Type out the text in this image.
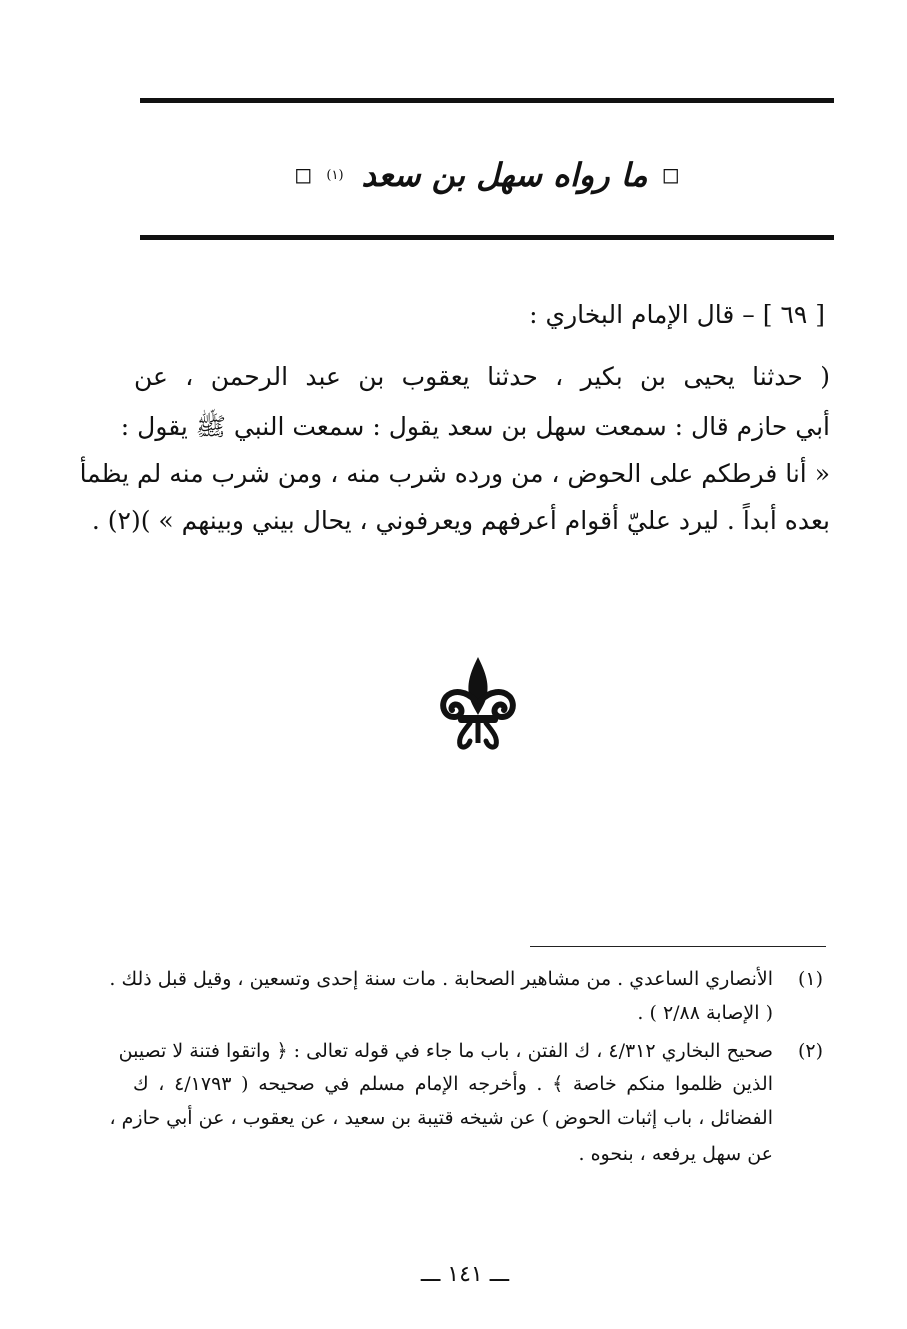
◻
ما رواه سهل بن سعد
(١)
◻
[ ٦٩ ] – قال الإمام البخاري :
( حدثنا يحيى بن بكير ، حدثنا يعقوب بن عبد الرحمن ، عن
أبي حازم قال : سمعت سهل بن سعد يقول : سمعت النبي ﷺ يقول :
« أنا فرطكم على الحوض ، من ورده شرب منه ، ومن شرب منه لم يظمأ
بعده أبداً . ليرد عليّ أقوام أعرفهم ويعرفوني ، يحال بيني وبينهم » )(٢) .
(١)
الأنصاري الساعدي . من مشاهير الصحابة . مات سنة إحدى وتسعين ، وقيل قبل ذلك .
( الإصابة ٢/٨٨ ) .
(٢)
صحيح البخاري ٤/٣١٢ ، ك الفتن ، باب ما جاء في قوله تعالى : ﴿ واتقوا فتنة لا تصيبن
الذين ظلموا منكم خاصة ﴾ . وأخرجه الإمام مسلم في صحيحه ( ٤/١٧٩٣ ، ك
الفضائل ، باب إثبات الحوض ) عن شيخه قتيبة بن سعيد ، عن يعقوب ، عن أبي حازم ،
عن سهل يرفعه ، بنحوه .
ـــ ١٤١ ـــ
